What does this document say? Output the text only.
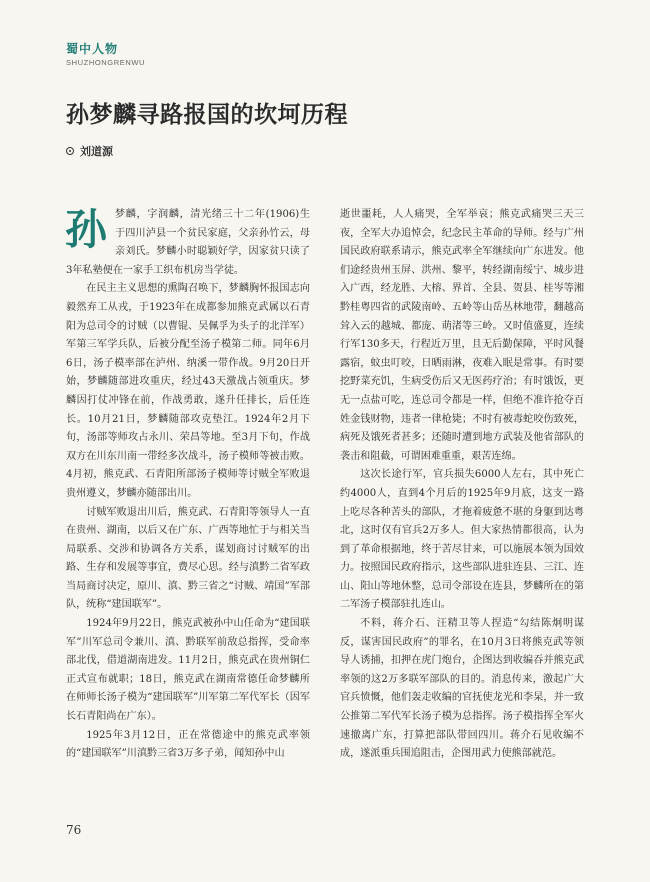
蜀中人物
SHUZHONGRENWU
孙梦麟寻路报国的坎坷历程
刘道源

孙梦麟，字润麟，清光绪三十二年(1906)生于四川泸县一个贫民家庭，父亲孙竹云，母亲刘氏。梦麟小时聪颖好学，因家贫只读了3年私塾便在一家手工织布机房当学徒。

在民主主义思想的熏陶召唤下，梦麟胸怀报国志向毅然弃工从戎，于1923年在成都参加熊克武属以石青阳为总司令的讨贼（以曹锟、吴佩孚为头子的北洋军）军第三军学兵队，后被分配至汤子模第二师。同年6月6日，汤子模率部在泸州、纳溪一带作战。9月20日开始，梦麟随部进攻重庆，经过43天激战占领重庆。梦麟因打仗冲锋在前，作战勇敢，遂升任排长，后任连长。10月21日，梦麟随部攻克垫江。1924年2月下旬，汤部等师攻占永川、荣昌等地。至3月下旬，作战双方在川东川南一带经多次战斗，汤子模师等被击败。4月初，熊克武、石青阳所部汤子模师等讨贼全军败退贵州遵义，梦麟亦随部出川。

讨贼军败退出川后，熊克武、石青阳等领导人一直在贵州、湖南，以后又在广东、广西等地忙于与相关当局联系、交涉和协调各方关系，谋划商讨讨贼军的出路、生存和发展等事宜，费尽心思。经与滇黔二省军政当局商讨决定，原川、滇、黔三省之“讨贼、靖国”军部队，统称“建国联军”。

1924年9月22日，熊克武被孙中山任命为“建国联军”川军总司令兼川、滇、黔联军前敌总指挥，受命率部北伐，借道湖南进发。11月2日，熊克武在贵州铜仁正式宣布就职；18日，熊克武在湖南常德任命梦麟所在师师长汤子模为“建国联军”川军第二军代军长（因军长石青阳尚在广东）。

1925年3月12日，正在常德途中的熊克武率领的“建国联军”川滇黔三省3万多子弟，闻知孙中山

逝世噩耗，人人痛哭，全军举哀；熊克武痛哭三天三夜，全军大办追悼会，纪念民主革命的导师。经与广州国民政府联系请示，熊克武率全军继续向广东进发。他们途经贵州玉屏、洪州、黎平，转经湖南绥宁、城步进入广西，经龙胜、大榕、界首、全县、贺县、桂岑等湘黔桂粤四省的武陵南岭、五岭等山岳丛林地带，翻越高耸入云的越城、都庞、萌渚等三岭。又时值盛夏，连续行军130多天，行程近万里，且无后勤保障，平时风餐露宿，蚊虫叮咬，日晒雨淋，夜难入眠是常事。有时要挖野菜充饥，生病受伤后又无医药疗治；有时饿饭，更无一点盐可吃，连总司令都是一样，但绝不准许抢夺百姓金钱财物，违者一律枪毙；不时有被毒蛇咬伤致死，病死及饿死者甚多；还随时遭到地方武装及他省部队的袭击和阻截，可谓困难重重，艰苦连绵。

这次长途行军，官兵损失6000人左右，其中死亡约4000人，直到4个月后的1925年9月底，这支一路上吃尽各种苦头的部队，才拖着疲惫不堪的身躯到达粤北，这时仅有官兵2万多人。但大家热情都很高，认为到了革命根据地，终于苦尽甘来，可以施展本领为国效力。按照国民政府指示，这些部队进驻连县、三江、连山、阳山等地休整，总司令部设在连县，梦麟所在的第二军汤子模部驻扎连山。

不料，蒋介石、汪精卫等人捏造“勾结陈炯明谋反，谋害国民政府”的罪名，在10月3日将熊克武等领导人诱捕，扣押在虎门炮台，企图达到收编吞并熊克武率领的这2万多联军部队的目的。消息传来，激起广大官兵愤慨，他们轰走收编的官抚使龙光和李杲，并一致公推第二军代军长汤子模为总指挥。汤子模指挥全军火速撤离广东，打算把部队带回四川。蒋介石见收编不成，遂派重兵围追阻击，企图用武力使熊部就范。

76
